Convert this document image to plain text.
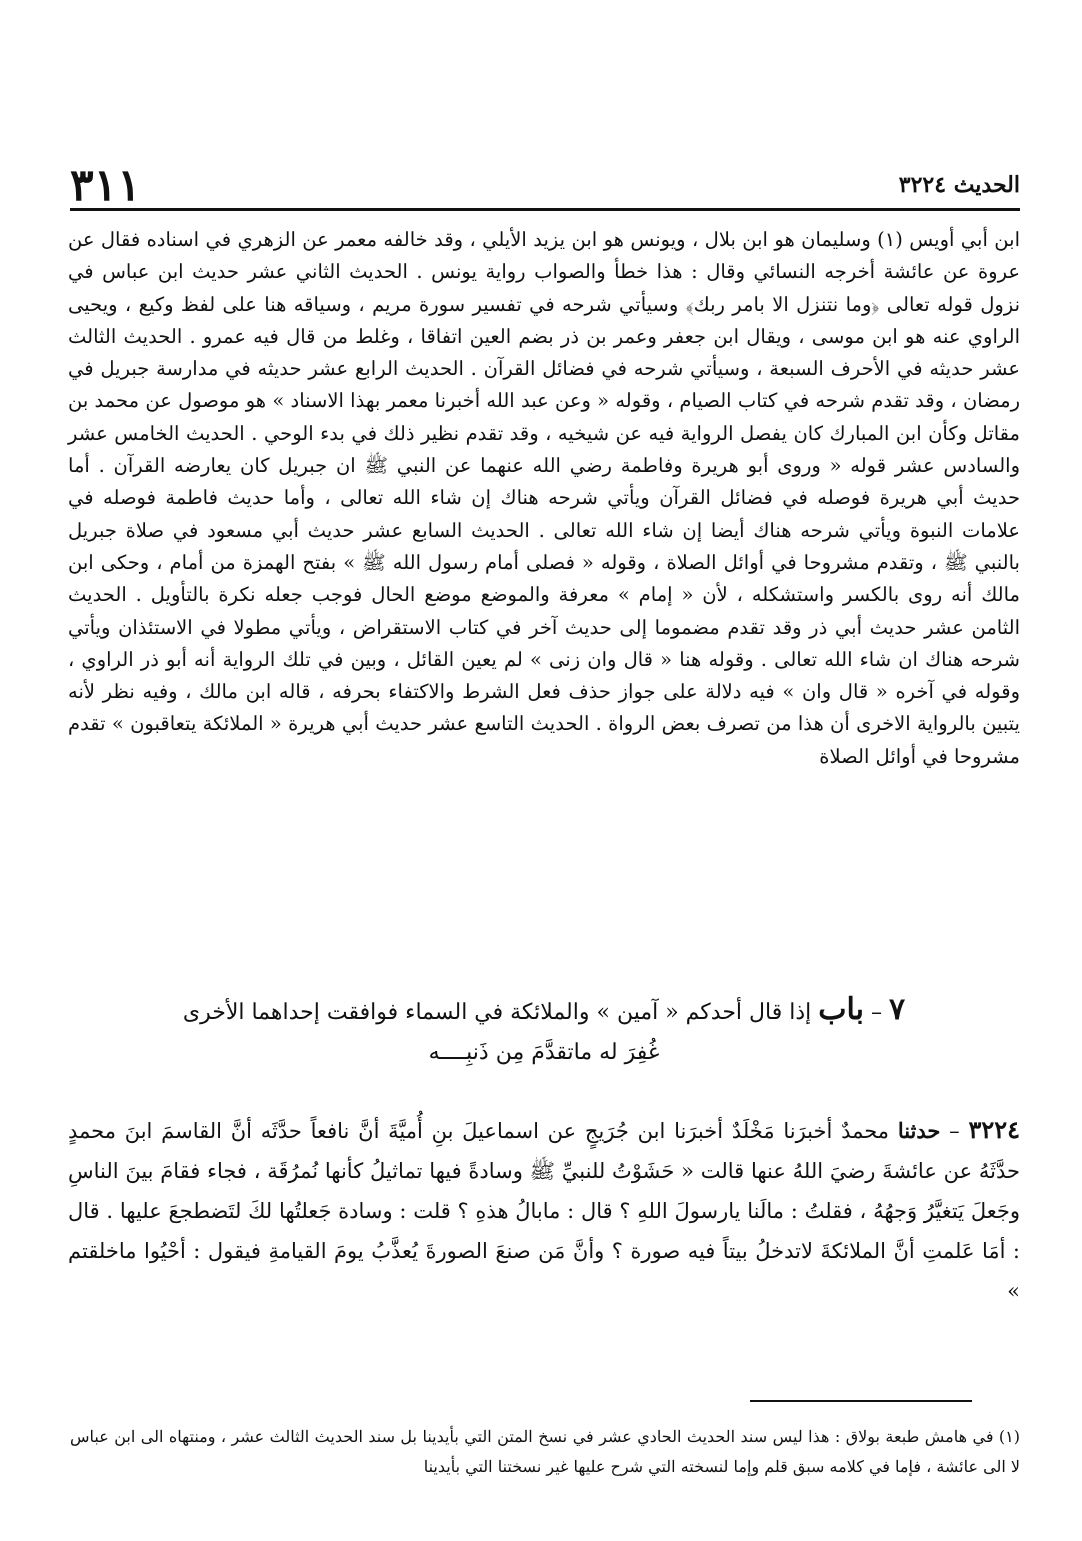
الحديث ٣٢٢٤
٣١١

ابن أبي أويس (١) وسليمان هو ابن بلال ، ويونس هو ابن يزيد الأيلي ، وقد خالفه معمر عن الزهري في اسناده فقال عن عروة عن عائشة أخرجه النسائي وقال : هذا خطأ والصواب رواية يونس . الحديث الثاني عشر حديث ابن عباس في نزول قوله تعالى ﴿وما نتنزل الا بامر ربك﴾ وسيأتي شرحه في تفسير سورة مريم ، وسياقه هنا على لفظ وكيع ، ويحيى الراوي عنه هو ابن موسى ، ويقال ابن جعفر وعمر بن ذر بضم العين اتفاقا ، وغلط من قال فيه عمرو . الحديث الثالث عشر حديثه في الأحرف السبعة ، وسيأتي شرحه في فضائل القرآن . الحديث الرابع عشر حديثه في مدارسة جبريل في رمضان ، وقد تقدم شرحه في كتاب الصيام ، وقوله « وعن عبد الله أخبرنا معمر بهذا الاسناد » هو موصول عن محمد بن مقاتل وكأن ابن المبارك كان يفصل الرواية فيه عن شيخيه ، وقد تقدم نظير ذلك في بدء الوحي . الحديث الخامس عشر والسادس عشر قوله « وروى أبو هريرة وفاطمة رضي الله عنهما عن النبي ﷺ ان جبريل كان يعارضه القرآن . أما حديث أبي هريرة فوصله في فضائل القرآن ويأتي شرحه هناك إن شاء الله تعالى ، وأما حديث فاطمة فوصله في علامات النبوة ويأتي شرحه هناك أيضا إن شاء الله تعالى . الحديث السابع عشر حديث أبي مسعود في صلاة جبريل بالنبي ﷺ ، وتقدم مشروحا في أوائل الصلاة ، وقوله « فصلى أمام رسول الله ﷺ » بفتح الهمزة من أمام ، وحكى ابن مالك أنه روى بالكسر واستشكله ، لأن « إمام » معرفة والموضع موضع الحال فوجب جعله نكرة بالتأويل . الحديث الثامن عشر حديث أبي ذر وقد تقدم مضموما إلى حديث آخر في كتاب الاستقراض ، ويأتي مطولا في الاستئذان ويأتي شرحه هناك ان شاء الله تعالى . وقوله هنا « قال وان زنى » لم يعين القائل ، وبين في تلك الرواية أنه أبو ذر الراوي ، وقوله في آخره « قال وان » فيه دلالة على جواز حذف فعل الشرط والاكتفاء بحرفه ، قاله ابن مالك ، وفيه نظر لأنه يتبين بالرواية الاخرى أن هذا من تصرف بعض الرواة . الحديث التاسع عشر حديث أبي هريرة « الملائكة يتعاقبون » تقدم مشروحا في أوائل الصلاة

٧ – باب إذا قال أحدكم « آمين » والملائكة في السماء فوافقت إحداهما الأخرى
غُفِرَ له ماتقدَّمَ مِن ذَنبِــــه
٣٢٢٤ – حدثنا محمدٌ أخبرَنا مَخْلَدٌ أخبرَنا ابن جُرَيجٍ عن اسماعيلَ بنِ أُميَّةَ أنَّ نافعاً حدَّثَه أنَّ القاسمَ ابنَ محمدٍ حدَّثَهُ عن عائشةَ رضيَ اللهُ عنها قالت « حَشَوْتُ للنبيِّ ﷺ وسادةً فيها تماثيلُ كأنها نُمرُقَة ، فجاء فقامَ بينَ الناسِ وجَعلَ يَتغيَّرُ وَجهُهُ ، فقلتُ : مالَنا يارسولَ اللهِ ؟ قال : مابالُ هذهِ ؟ قلت : وسادة جَعلتُها لكَ لتَضطجعَ عليها . قال : أمَا عَلمتِ أنَّ الملائكةَ لاتدخلُ بيتاً فيه صورة ؟ وأنَّ مَن صنعَ الصورةَ يُعذَّبُ يومَ القيامةِ فيقول : أحْيُوا ماخلقتم »
(١) في هامش طبعة بولاق : هذا ليس سند الحديث الحادي عشر في نسخ المتن التي بأيدينا بل سند الحديث الثالث عشر ، ومنتهاه الى ابن عباس لا الى عائشة ، فإما في كلامه سبق قلم وإما لنسخته التي شرح عليها غير نسختنا التي بأيدينا
